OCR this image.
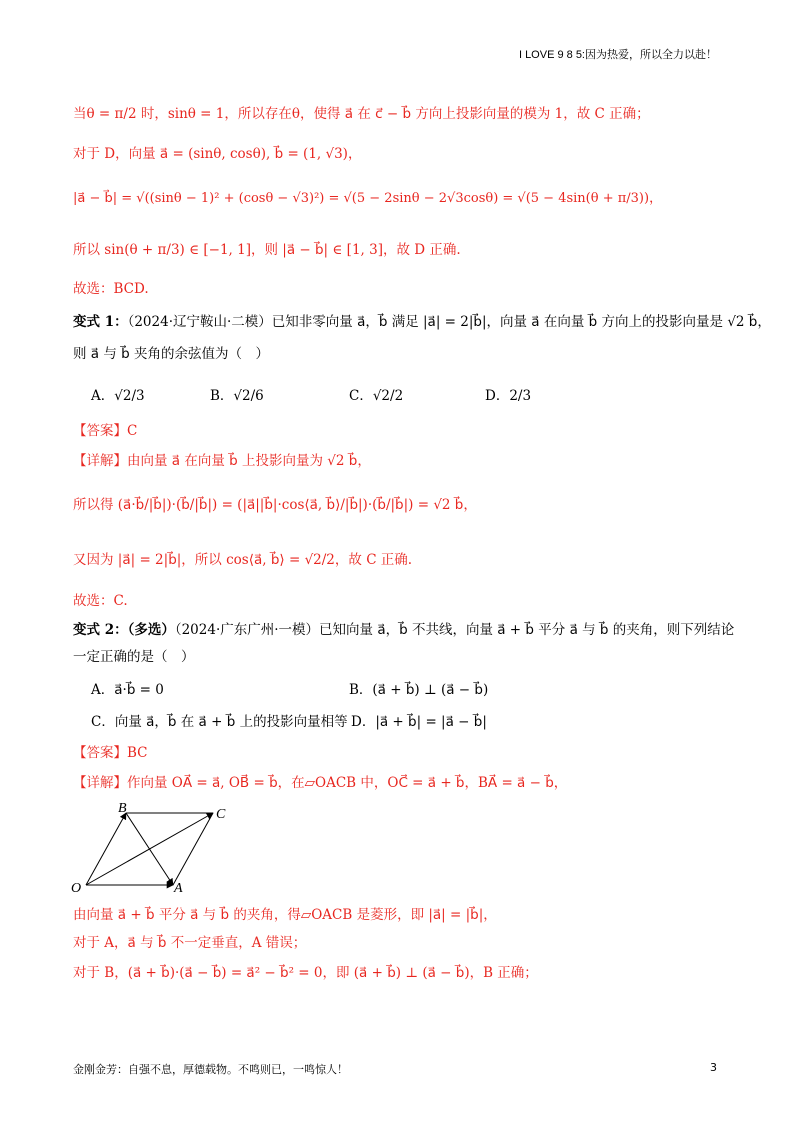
I LOVE 9 8 5:因为热爱，所以全力以赴！
当θ = π/2 时，sinθ = 1，所以存在θ，使得 a⃗ 在 c⃗ − b⃗ 方向上投影向量的模为 1，故 C 正确；
对于 D，向量 a⃗ = (sinθ, cosθ), b⃗ = (1, √3)，
|a⃗ − b⃗| = √((sinθ − 1)² + (cosθ − √3)²) = √(5 − 2sinθ − 2√3cosθ) = √(5 − 4sin(θ + π/3))，
所以 sin(θ + π/3) ∈ [−1, 1]，则 |a⃗ − b⃗| ∈ [1, 3]，故 D 正确.
故选：BCD.
变式 1：（2024·辽宁鞍山·二模）已知非零向量 a⃗，b⃗ 满足 |a⃗| = 2|b⃗|，向量 a⃗ 在向量 b⃗ 方向上的投影向量是 √2 b⃗，
则 a⃗ 与 b⃗ 夹角的余弦值为（　）
A．√2/3	B．√2/6	C．√2/2	D．2/3
【答案】C
【详解】由向量 a⃗ 在向量 b⃗ 上投影向量为 √2 b⃗，
所以得 (a⃗·b⃗/|b⃗|)·(b⃗/|b⃗|) = (|a⃗||b⃗|·cos⟨a⃗, b⃗⟩/|b⃗|)·(b⃗/|b⃗|) = √2 b⃗，
又因为 |a⃗| = 2|b⃗|，所以 cos⟨a⃗, b⃗⟩ = √2/2，故 C 正确.
故选：C.
变式 2：（多选）（2024·广东广州·一模）已知向量 a⃗，b⃗ 不共线，向量 a⃗ + b⃗ 平分 a⃗ 与 b⃗ 的夹角，则下列结论
一定正确的是（　）
A．a⃗·b⃗ = 0	B．(a⃗ + b⃗) ⊥ (a⃗ − b⃗)
C．向量 a⃗，b⃗ 在 a⃗ + b⃗ 上的投影向量相等 D．|a⃗ + b⃗| = |a⃗ − b⃗|
【答案】BC
【详解】作向量 OA⃗ = a⃗, OB⃗ = b⃗，在▱OACB 中，OC⃗ = a⃗ + b⃗，BA⃗ = a⃗ − b⃗，
O	A
B	C
由向量 a⃗ + b⃗ 平分 a⃗ 与 b⃗ 的夹角，得▱OACB 是菱形，即 |a⃗| = |b⃗|，
对于 A，a⃗ 与 b⃗ 不一定垂直，A 错误；
对于 B，(a⃗ + b⃗)·(a⃗ − b⃗) = a⃗² − b⃗² = 0，即 (a⃗ + b⃗) ⊥ (a⃗ − b⃗)，B 正确；
金刚金芳：自强不息，厚德载物。不鸣则已，一鸣惊人！	3
